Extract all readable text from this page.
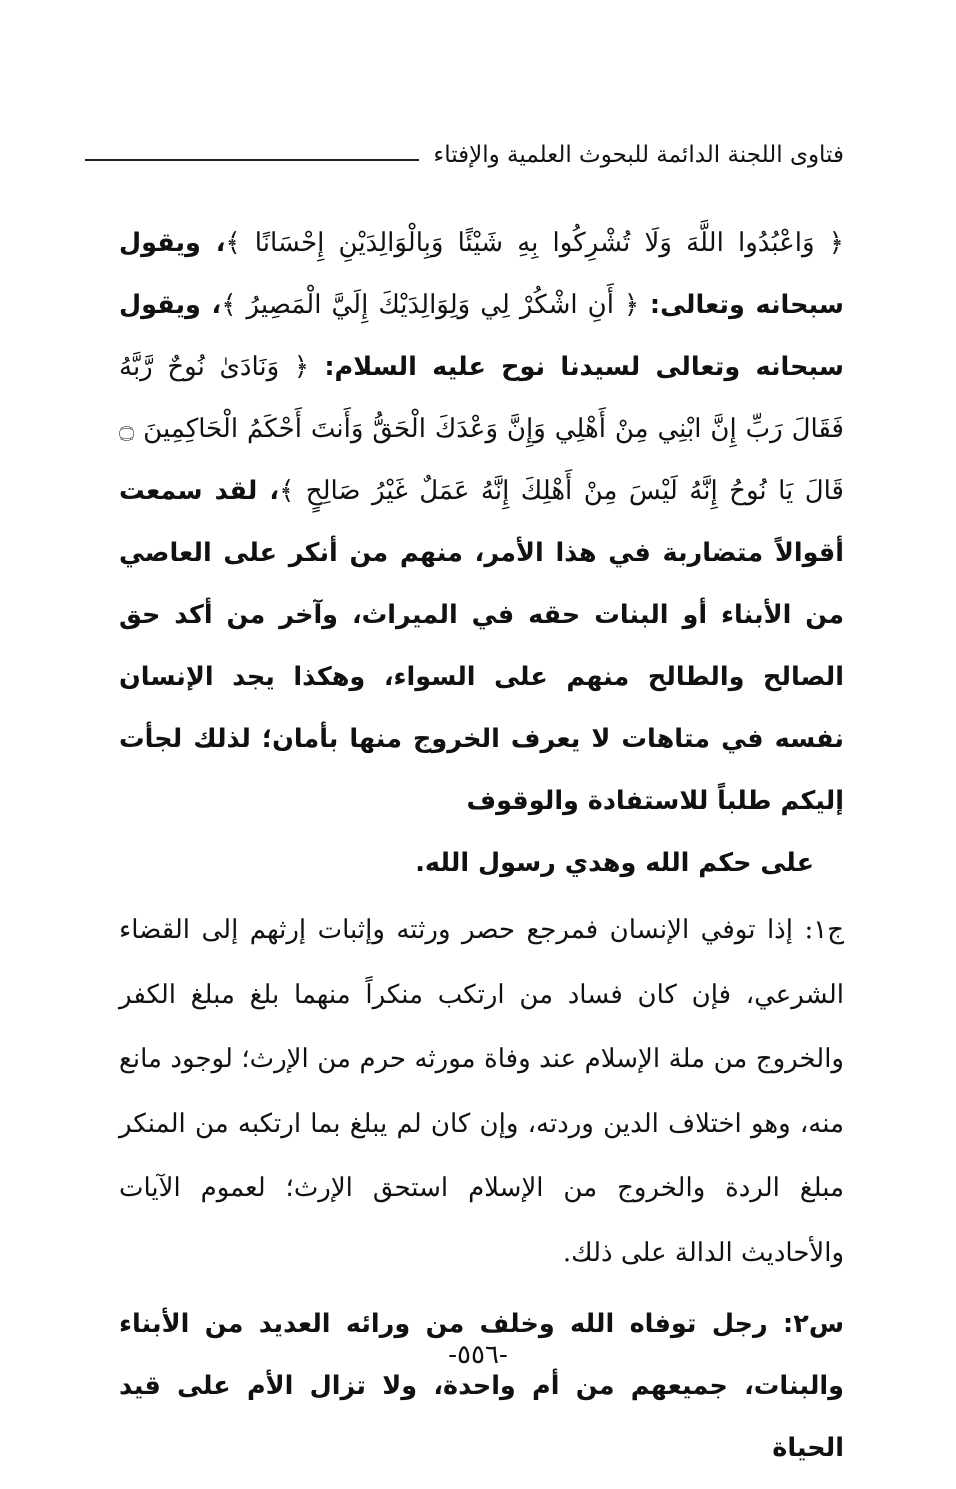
فتاوى اللجنة الدائمة للبحوث العلمية والإفتاء

﴿ وَاعْبُدُوا اللَّهَ وَلَا تُشْرِكُوا بِهِ شَيْئًا وَبِالْوَالِدَيْنِ إِحْسَانًا ﴾، ويقول سبحانه وتعالى: ﴿ أَنِ اشْكُرْ لِي وَلِوَالِدَيْكَ إِلَيَّ الْمَصِيرُ ﴾، ويقول سبحانه وتعالى لسيدنا نوح عليه السلام: ﴿ وَنَادَىٰ نُوحٌ رَّبَّهُ فَقَالَ رَبِّ إِنَّ ابْنِي مِنْ أَهْلِي وَإِنَّ وَعْدَكَ الْحَقُّ وَأَنتَ أَحْكَمُ الْحَاكِمِينَ ۝ قَالَ يَا نُوحُ إِنَّهُ لَيْسَ مِنْ أَهْلِكَ إِنَّهُ عَمَلٌ غَيْرُ صَالِحٍ ﴾، لقد سمعت أقوالاً متضاربة في هذا الأمر، منهم من أنكر على العاصي من الأبناء أو البنات حقه في الميراث، وآخر من أكد حق الصالح والطالح منهم على السواء، وهكذا يجد الإنسان نفسه في متاهات لا يعرف الخروج منها بأمان؛ لذلك لجأت إليكم طلباً للاستفادة والوقوف
على حكم الله وهدي رسول الله.

ج١: إذا توفي الإنسان فمرجع حصر ورثته وإثبات إرثهم إلى القضاء الشرعي، فإن كان فساد من ارتكب منكراً منهما بلغ مبلغ الكفر والخروج من ملة الإسلام عند وفاة مورثه حرم من الإرث؛ لوجود مانع منه، وهو اختلاف الدين وردته، وإن كان لم يبلغ بما ارتكبه من المنكر مبلغ الردة والخروج من الإسلام استحق الإرث؛ لعموم الآيات والأحاديث الدالة على ذلك.

س٢: رجل توفاه الله وخلف من ورائه العديد من الأبناء والبنات، جميعهم من أم واحدة، ولا تزال الأم على قيد الحياة

-٥٥٦-
